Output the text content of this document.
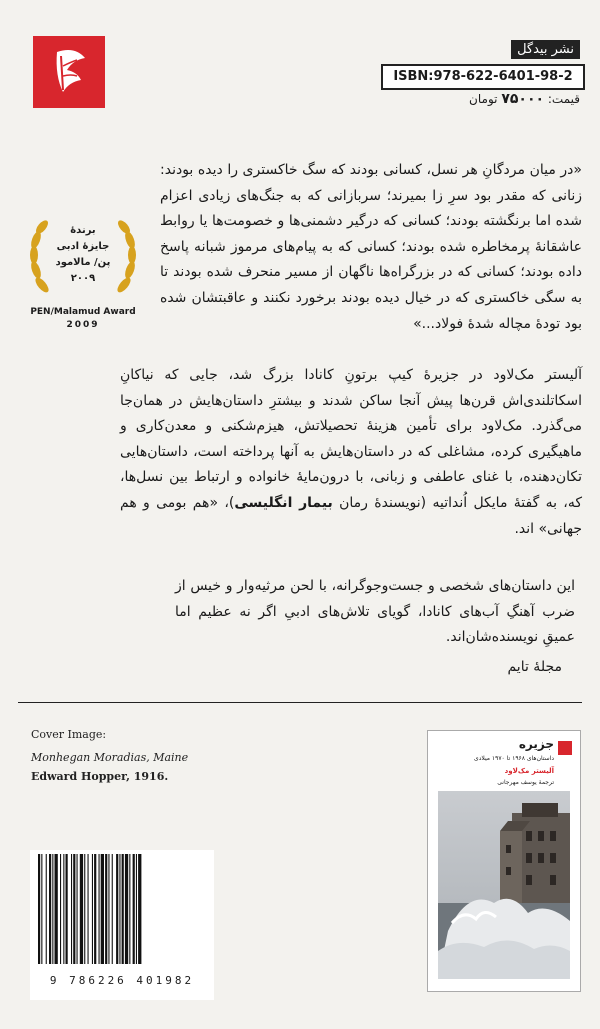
نشر بیدگل
ISBN:978-622-6401-98-2
قیمت: ۷۵۰۰۰ تومان
برندهٔ
جایزهٔ ادبی
پن/ مالامود
۲۰۰۹
PEN/Malamud Award
2009

«در میان مردگانِ هر نسل، کسانی بودند که سگ خاکستری را دیده بودند: زنانی که مقدر بود سرِ زا بمیرند؛ سربازانی که به جنگ‌های زیادی اعزام شده اما برنگشته بودند؛ کسانی که درگیر دشمنی‌ها و خصومت‌ها یا روابط عاشقانهٔ پرمخاطره شده بودند؛ کسانی که به پیام‌های مرموز شبانه پاسخ داده بودند؛ کسانی که در بزرگراه‌ها ناگهان از مسیر منحرف شده بودند تا به سگی خاکستری که در خیال دیده بودند برخورد نکنند و عاقبتشان شده بود تودهٔ مچاله شدهٔ فولاد...»

آلیستر مک‌لاود در جزیرهٔ کیپ برتونِ کانادا بزرگ شد، جایی که نیاکانِ اسکاتلندی‌اش قرن‌ها پیش آنجا ساکن شدند و بیشترِ داستان‌هایش در همان‌جا می‌گذرد. مک‌لاود برای تأمین هزینهٔ تحصیلاتش، هیزم‌شکنی و معدن‌کاری و ماهیگیری کرده، مشاغلی که در داستان‌هایش به آنها پرداخته است، داستان‌هایی تکان‌دهنده، با غنای عاطفی و زبانی، با درون‌مایهٔ خانواده و ارتباط بین نسل‌ها، که، به گفتهٔ مایکل اُنداتیه (نویسندهٔ رمان بیمار انگلیسی)، «هم بومی و هم جهانی» اند.

این داستان‌های شخصی و جست‌وجوگرانه، با لحن مرثیه‌وار و خیس از ضرب آهنگِ آب‌های کانادا، گویای تلاش‌های ادبیِ اگر نه عظیم اما عمیقِ نویسنده‌شان‌اند.

مجلهٔ تایم
Cover Image:
Monhegan Moradias, Maine
Edward Hopper, 1916.
9 786226 401982
جزیره
داستان‌های ۱۹۶۸ تا ۱۹۷۰ میلادی
آلیستر مک‌لاود
ترجمهٔ یوسف مهرجانی
